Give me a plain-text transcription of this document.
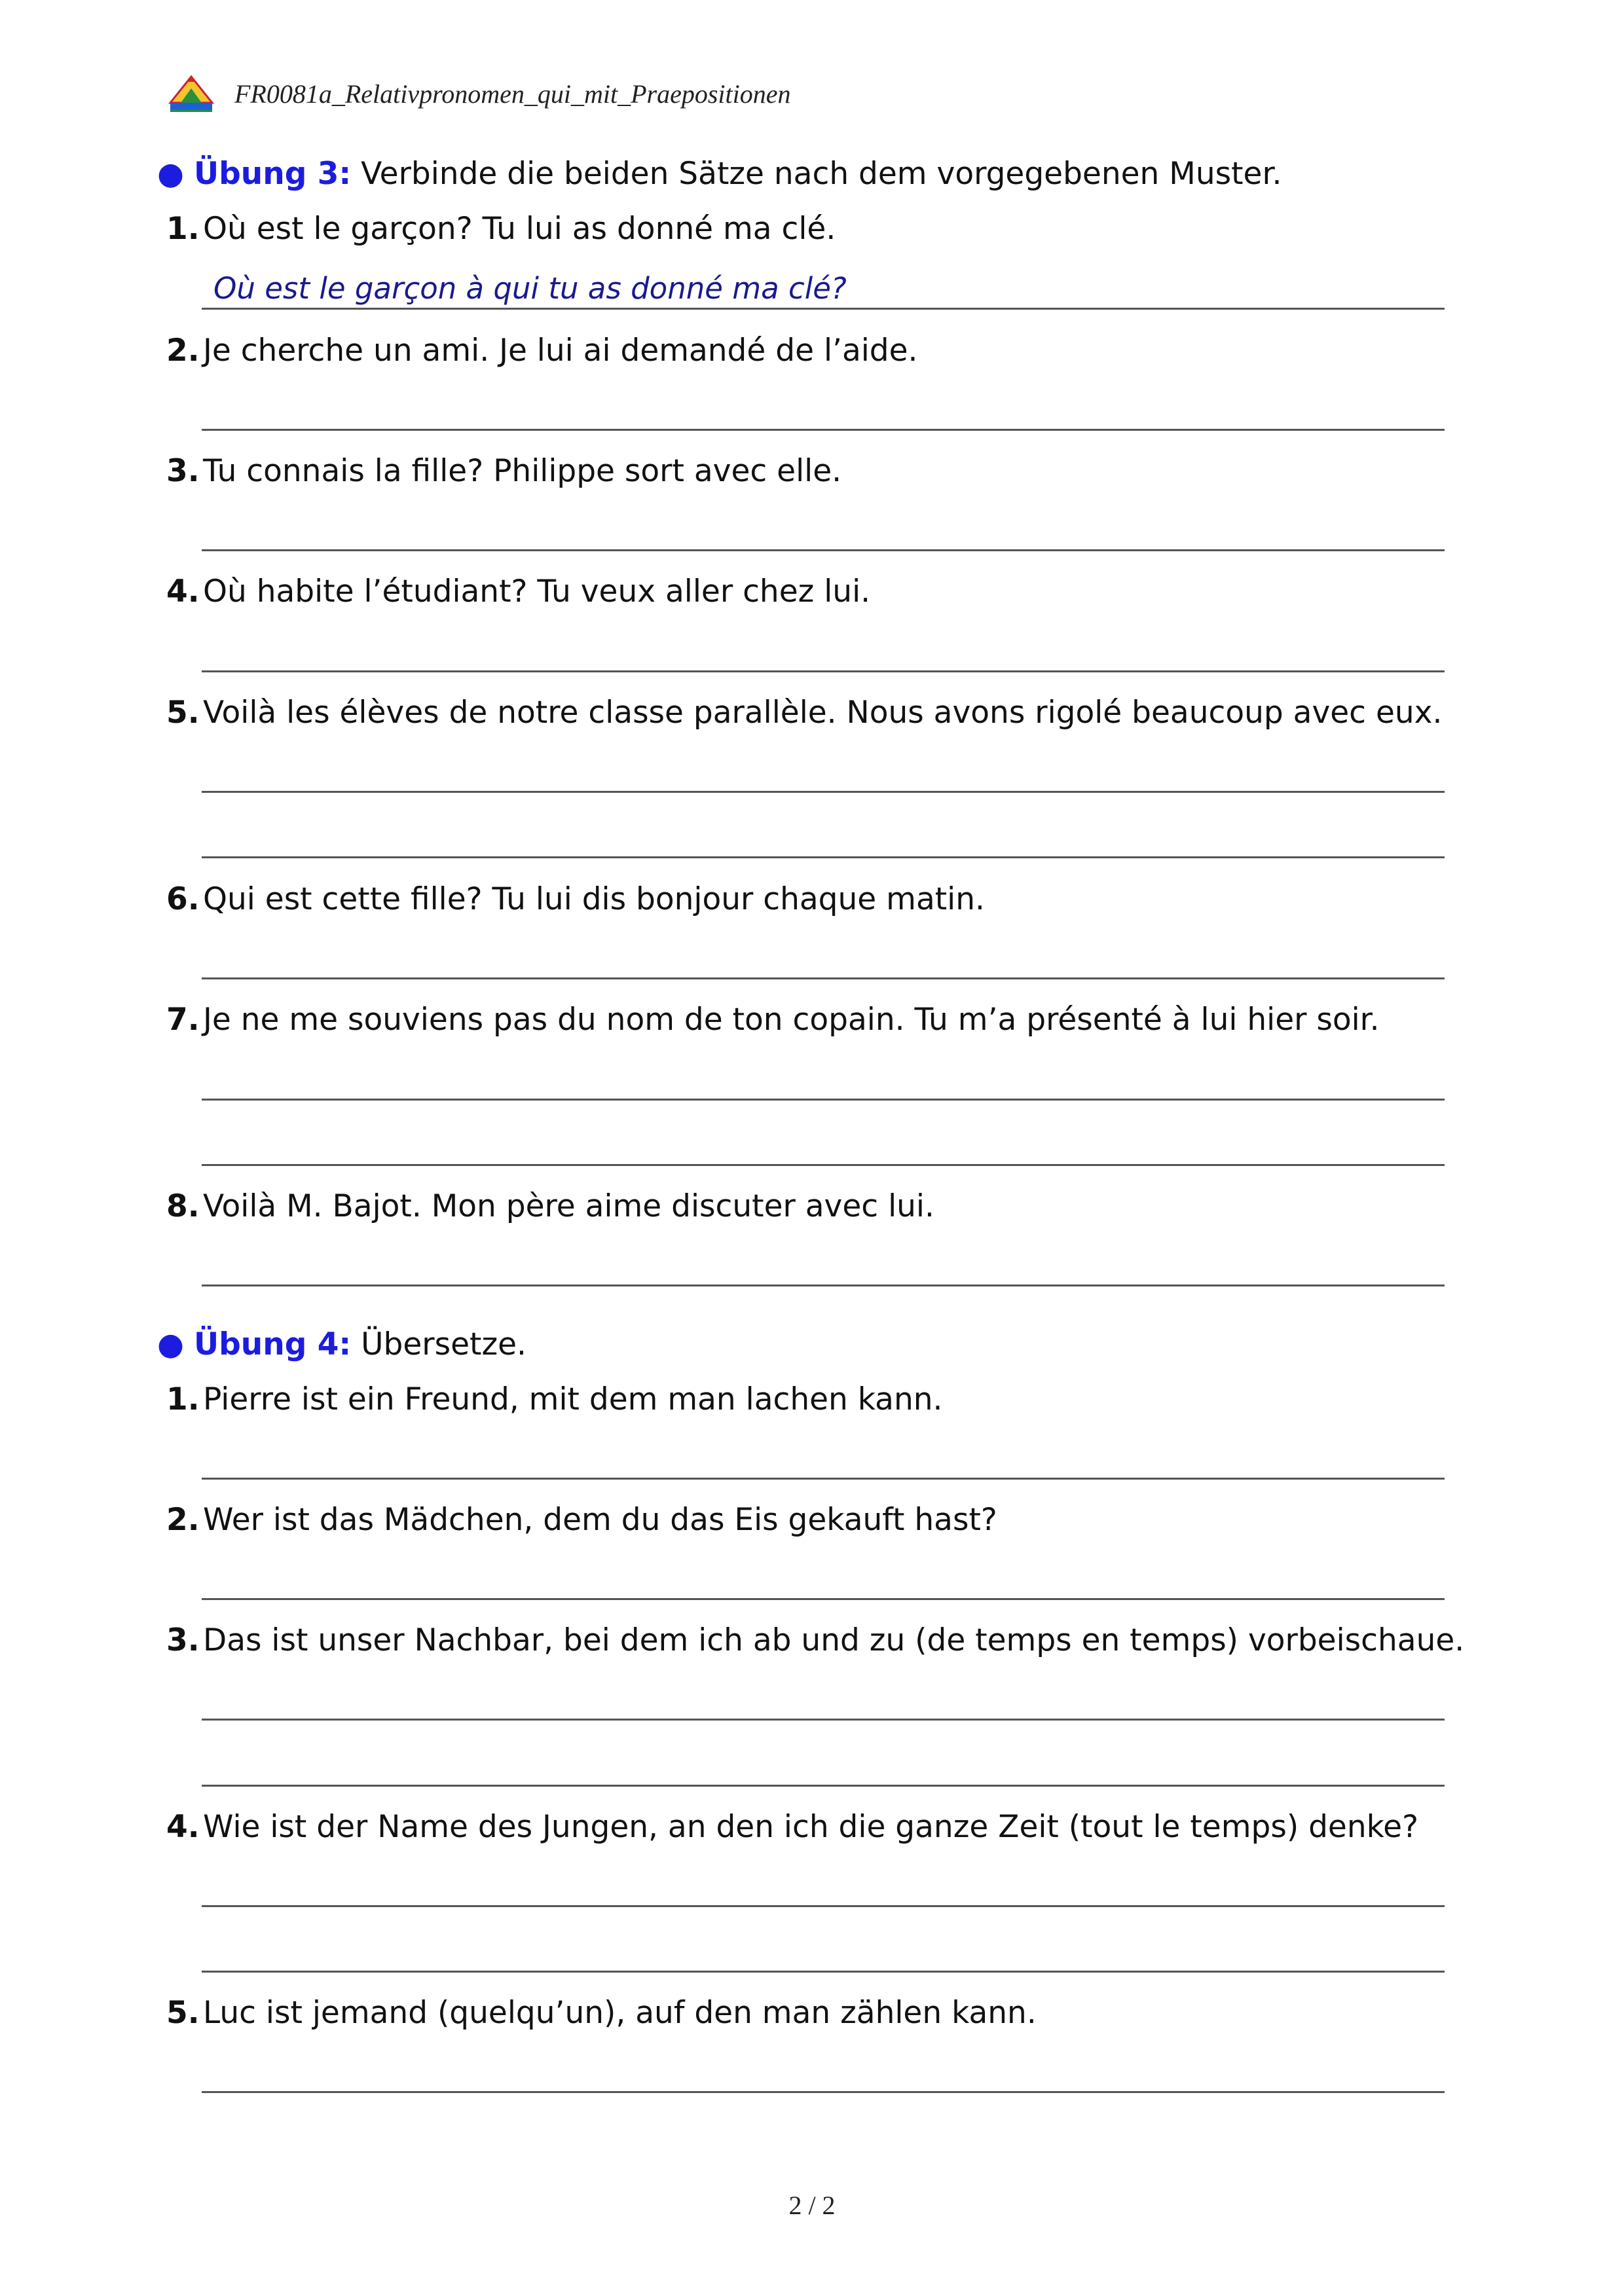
FR0081a_Relativpronomen_qui_mit_Praepositionen
● Übung 3: Verbinde die beiden Sätze nach dem vorgegebenen Muster.
1. Où est le garçon? Tu lui as donné ma clé.
Où est le garçon à qui tu as donné ma clé?
2. Je cherche un ami. Je lui ai demandé de l’aide.
3. Tu connais la fille? Philippe sort avec elle.
4. Où habite l’étudiant? Tu veux aller chez lui.
5. Voilà les élèves de notre classe parallèle. Nous avons rigolé beaucoup avec eux.
6. Qui est cette fille? Tu lui dis bonjour chaque matin.
7. Je ne me souviens pas du nom de ton copain. Tu m’a présenté à lui hier soir.
8. Voilà M. Bajot. Mon père aime discuter avec lui.
● Übung 4: Übersetze.
1. Pierre ist ein Freund, mit dem man lachen kann.
2. Wer ist das Mädchen, dem du das Eis gekauft hast?
3. Das ist unser Nachbar, bei dem ich ab und zu (de temps en temps) vorbeischaue.
4. Wie ist der Name des Jungen, an den ich die ganze Zeit (tout le temps) denke?
5. Luc ist jemand (quelqu’un), auf den man zählen kann.
2 / 2
